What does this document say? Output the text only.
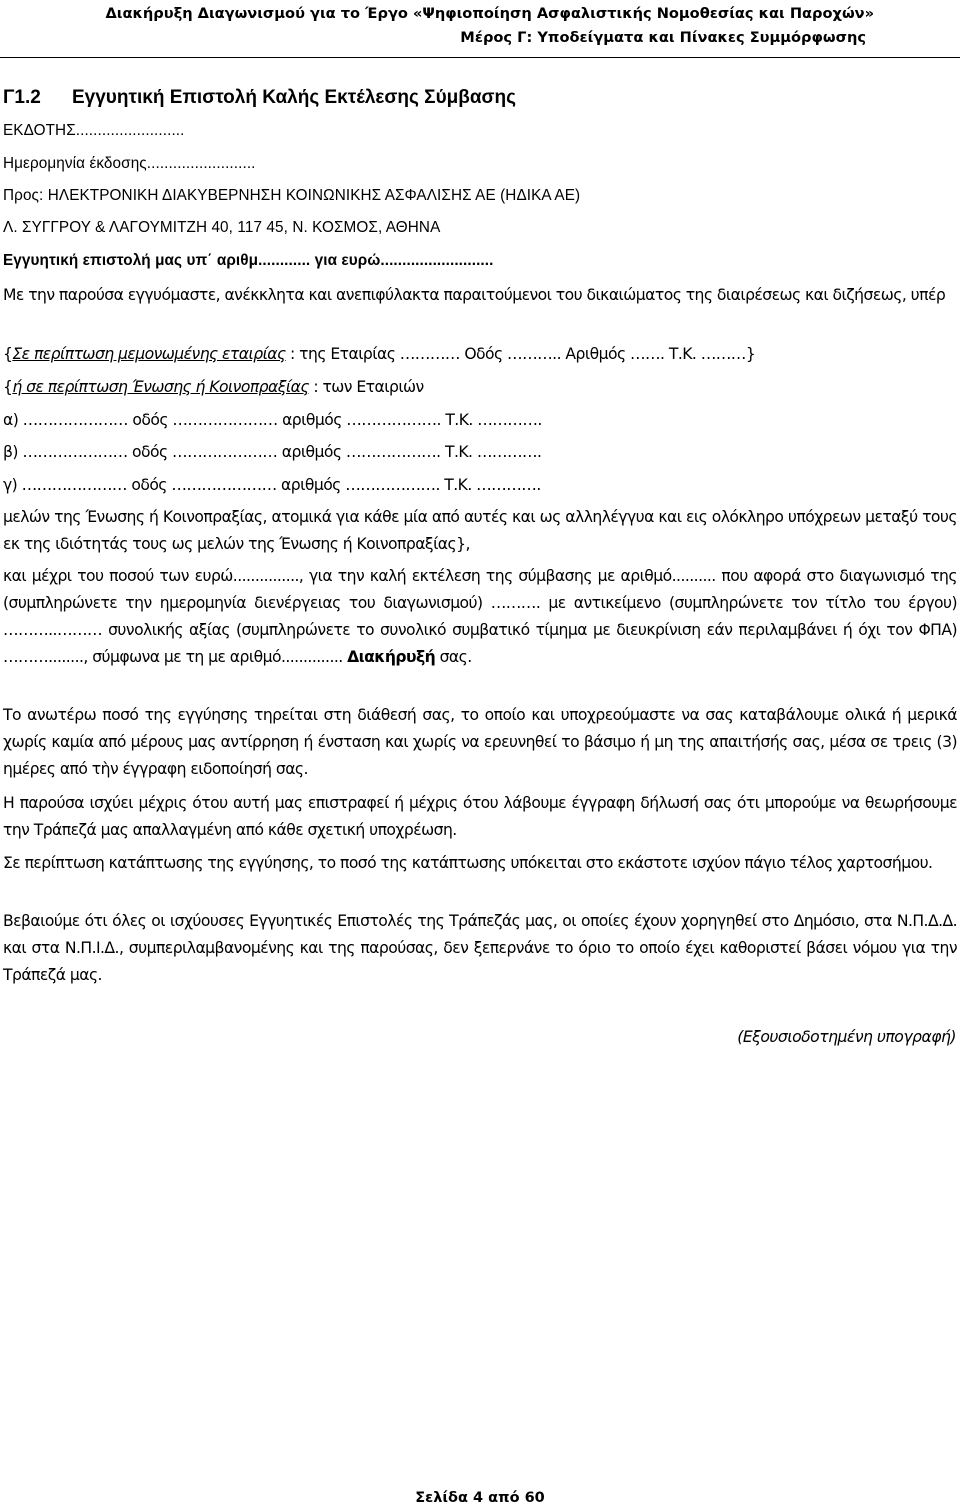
Διακήρυξη Διαγωνισμού για το Έργο «Ψηφιοποίηση Ασφαλιστικής Νομοθεσίας και Παροχών»
Μέρος Γ: Υποδείγματα και Πίνακες Συμμόρφωσης
Γ1.2 Εγγυητική Επιστολή Καλής Εκτέλεσης Σύμβασης
ΕΚΔΟΤΗΣ.........................
Ημερομηνία έκδοσης.........................
Προς: ΗΛΕΚΤΡΟΝΙΚΗ ΔΙΑΚΥΒΕΡΝΗΣΗ ΚΟΙΝΩΝΙΚΗΣ ΑΣΦΑΛΙΣΗΣ ΑΕ (ΗΔΙΚΑ ΑΕ)
Λ. ΣΥΓΓΡΟΥ & ΛΑΓΟΥΜΙΤΖΗ 40, 117 45, Ν. ΚΟΣΜΟΣ, ΑΘΗΝΑ
Εγγυητική επιστολή μας υπ΄ αριθμ............ για ευρώ..........................
Με την παρούσα εγγυόμαστε, ανέκκλητα και ανεπιφύλακτα παραιτούμενοι του δικαιώματος της διαιρέσεως και διζήσεως, υπέρ
{Σε περίπτωση μεμονωμένης εταιρίας : της Εταιρίας ………… Οδός ……….. Αριθμός ……. Τ.Κ. ………}
{ή σε περίπτωση Ένωσης ή Κοινοπραξίας : των Εταιριών
α) ………………… οδός ………………… αριθμός ………………. Τ.Κ. ………….
β) ………………… οδός ………………… αριθμός ………………. Τ.Κ. ………….
γ) ………………… οδός ………………… αριθμός ………………. Τ.Κ. ………….
μελών της Ένωσης ή Κοινοπραξίας, ατομικά για κάθε μία από αυτές και ως αλληλέγγυα και εις ολόκληρο υπόχρεων μεταξύ τους εκ της ιδιότητάς τους ως μελών της Ένωσης ή Κοινοπραξίας},
και μέχρι του ποσού των ευρώ..............., για την καλή εκτέλεση της σύμβασης με αριθμό.......... που αφορά στο διαγωνισμό της (συμπληρώνετε την ημερομηνία διενέργειας του διαγωνισμού) ………. με αντικείμενο (συμπληρώνετε τον τίτλο του έργου) ………..……… συνολικής αξίας (συμπληρώνετε το συνολικό συμβατικό τίμημα με διευκρίνιση εάν περιλαμβάνει ή όχι τον ΦΠΑ) ………........, σύμφωνα με τη με αριθμό.............. Διακήρυξή σας.
Το ανωτέρω ποσό της εγγύησης τηρείται στη διάθεσή σας, το οποίο και υποχρεούμαστε να σας καταβάλουμε ολικά ή μερικά χωρίς καμία από μέρους μας αντίρρηση ή ένσταση και χωρίς να ερευνηθεί το βάσιμο ή μη της απαιτήσής σας, μέσα σε τρεις (3) ημέρες από τὴν έγγραφη ειδοποίησή σας.
Η παρούσα ισχύει μέχρις ότου αυτή μας επιστραφεί ή μέχρις ότου λάβουμε έγγραφη δήλωσή σας ότι μπορούμε να θεωρήσουμε την Τράπεζά μας απαλλαγμένη από κάθε σχετική υποχρέωση.
Σε περίπτωση κατάπτωσης της εγγύησης, το ποσό της κατάπτωσης υπόκειται στο εκάστοτε ισχύον πάγιο τέλος χαρτοσήμου.
Βεβαιούμε ότι όλες οι ισχύουσες Εγγυητικές Επιστολές της Τράπεζάς μας, οι οποίες έχουν χορηγηθεί στο Δημόσιο, στα Ν.Π.Δ.Δ. και στα Ν.Π.Ι.Δ., συμπεριλαμβανομένης και της παρούσας, δεν ξεπερνάνε το όριο το οποίο έχει καθοριστεί βάσει νόμου για την Τράπεζά μας.
(Εξουσιοδοτημένη υπογραφή)
Σελίδα 4 από 60
